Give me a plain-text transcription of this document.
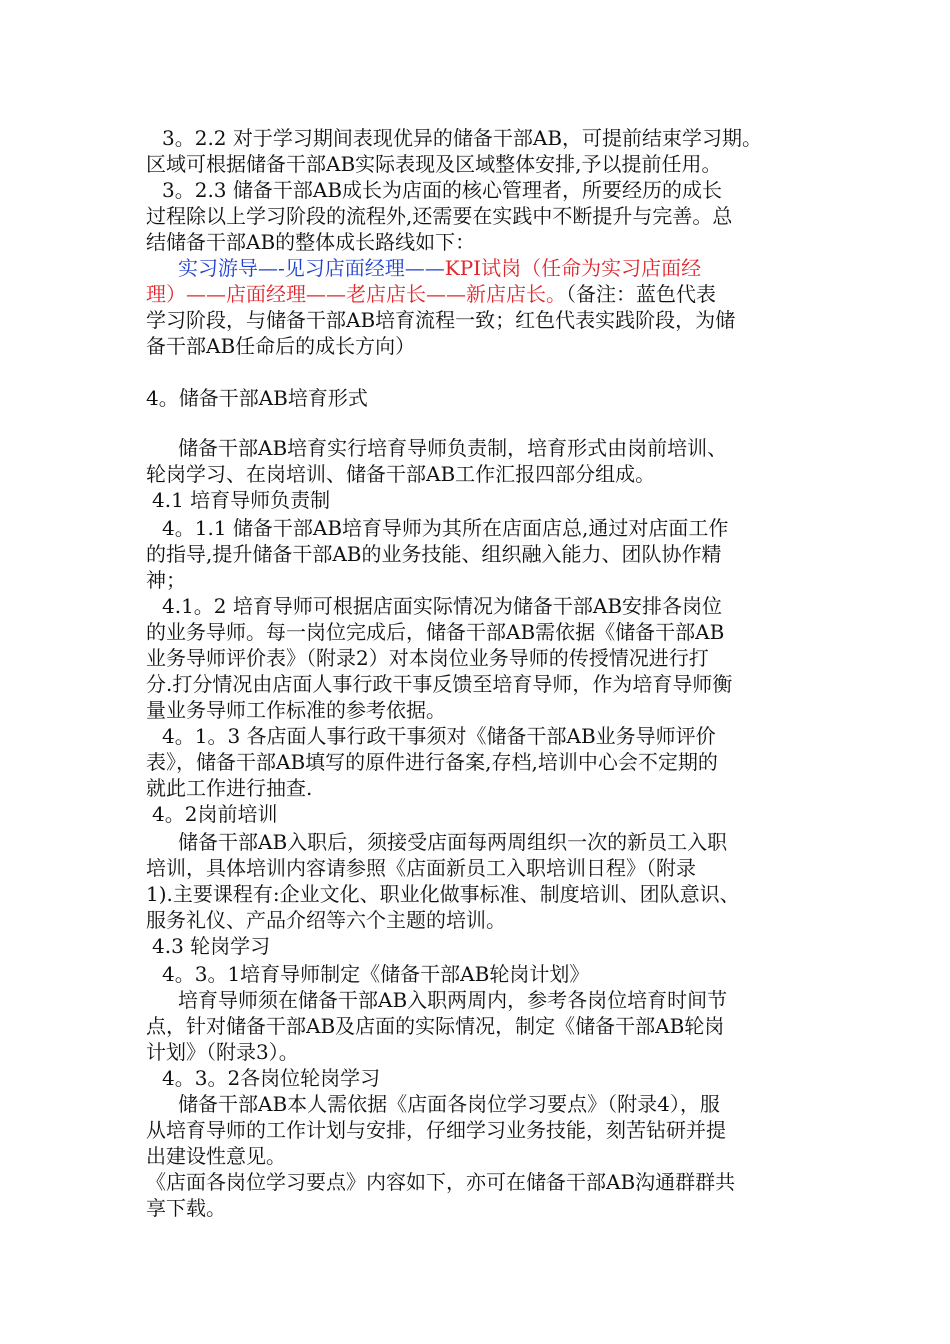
3。2.2 对于学习期间表现优异的储备干部AB，可提前结束学习期。
区域可根据储备干部AB实际表现及区域整体安排,予以提前任用。
3。2.3 储备干部AB成长为店面的核心管理者，所要经历的成长
过程除以上学习阶段的流程外,还需要在实践中不断提升与完善。总
结储备干部AB的整体成长路线如下：
实习游导—-见习店面经理——KPI试岗（任命为实习店面经
理）——店面经理——老店店长——新店店长。（备注：蓝色代表
学习阶段，与储备干部AB培育流程一致；红色代表实践阶段，为储
备干部AB任命后的成长方向）
4。储备干部AB培育形式
储备干部AB培育实行培育导师负责制，培育形式由岗前培训、
轮岗学习、在岗培训、储备干部AB工作汇报四部分组成。
4.1 培育导师负责制
4。1.1 储备干部AB培育导师为其所在店面店总,通过对店面工作
的指导,提升储备干部AB的业务技能、组织融入能力、团队协作精
神；
4.1。2 培育导师可根据店面实际情况为储备干部AB安排各岗位
的业务导师。每一岗位完成后，储备干部AB需依据《储备干部AB
业务导师评价表》（附录2）对本岗位业务导师的传授情况进行打
分.打分情况由店面人事行政干事反馈至培育导师，作为培育导师衡
量业务导师工作标准的参考依据。
4。1。3 各店面人事行政干事须对《储备干部AB业务导师评价
表》，储备干部AB填写的原件进行备案,存档,培训中心会不定期的
就此工作进行抽查.
4。2岗前培训
储备干部AB入职后，须接受店面每两周组织一次的新员工入职
培训，具体培训内容请参照《店面新员工入职培训日程》（附录
1).主要课程有:企业文化、职业化做事标准、制度培训、团队意识、
服务礼仪、产品介绍等六个主题的培训。
4.3 轮岗学习
4。3。1培育导师制定《储备干部AB轮岗计划》
培育导师须在储备干部AB入职两周内，参考各岗位培育时间节
点，针对储备干部AB及店面的实际情况，制定《储备干部AB轮岗
计划》（附录3）。
4。3。2各岗位轮岗学习
储备干部AB本人需依据《店面各岗位学习要点》（附录4），服
从培育导师的工作计划与安排，仔细学习业务技能，刻苦钻研并提
出建设性意见。
《店面各岗位学习要点》内容如下，亦可在储备干部AB沟通群群共
享下载。
